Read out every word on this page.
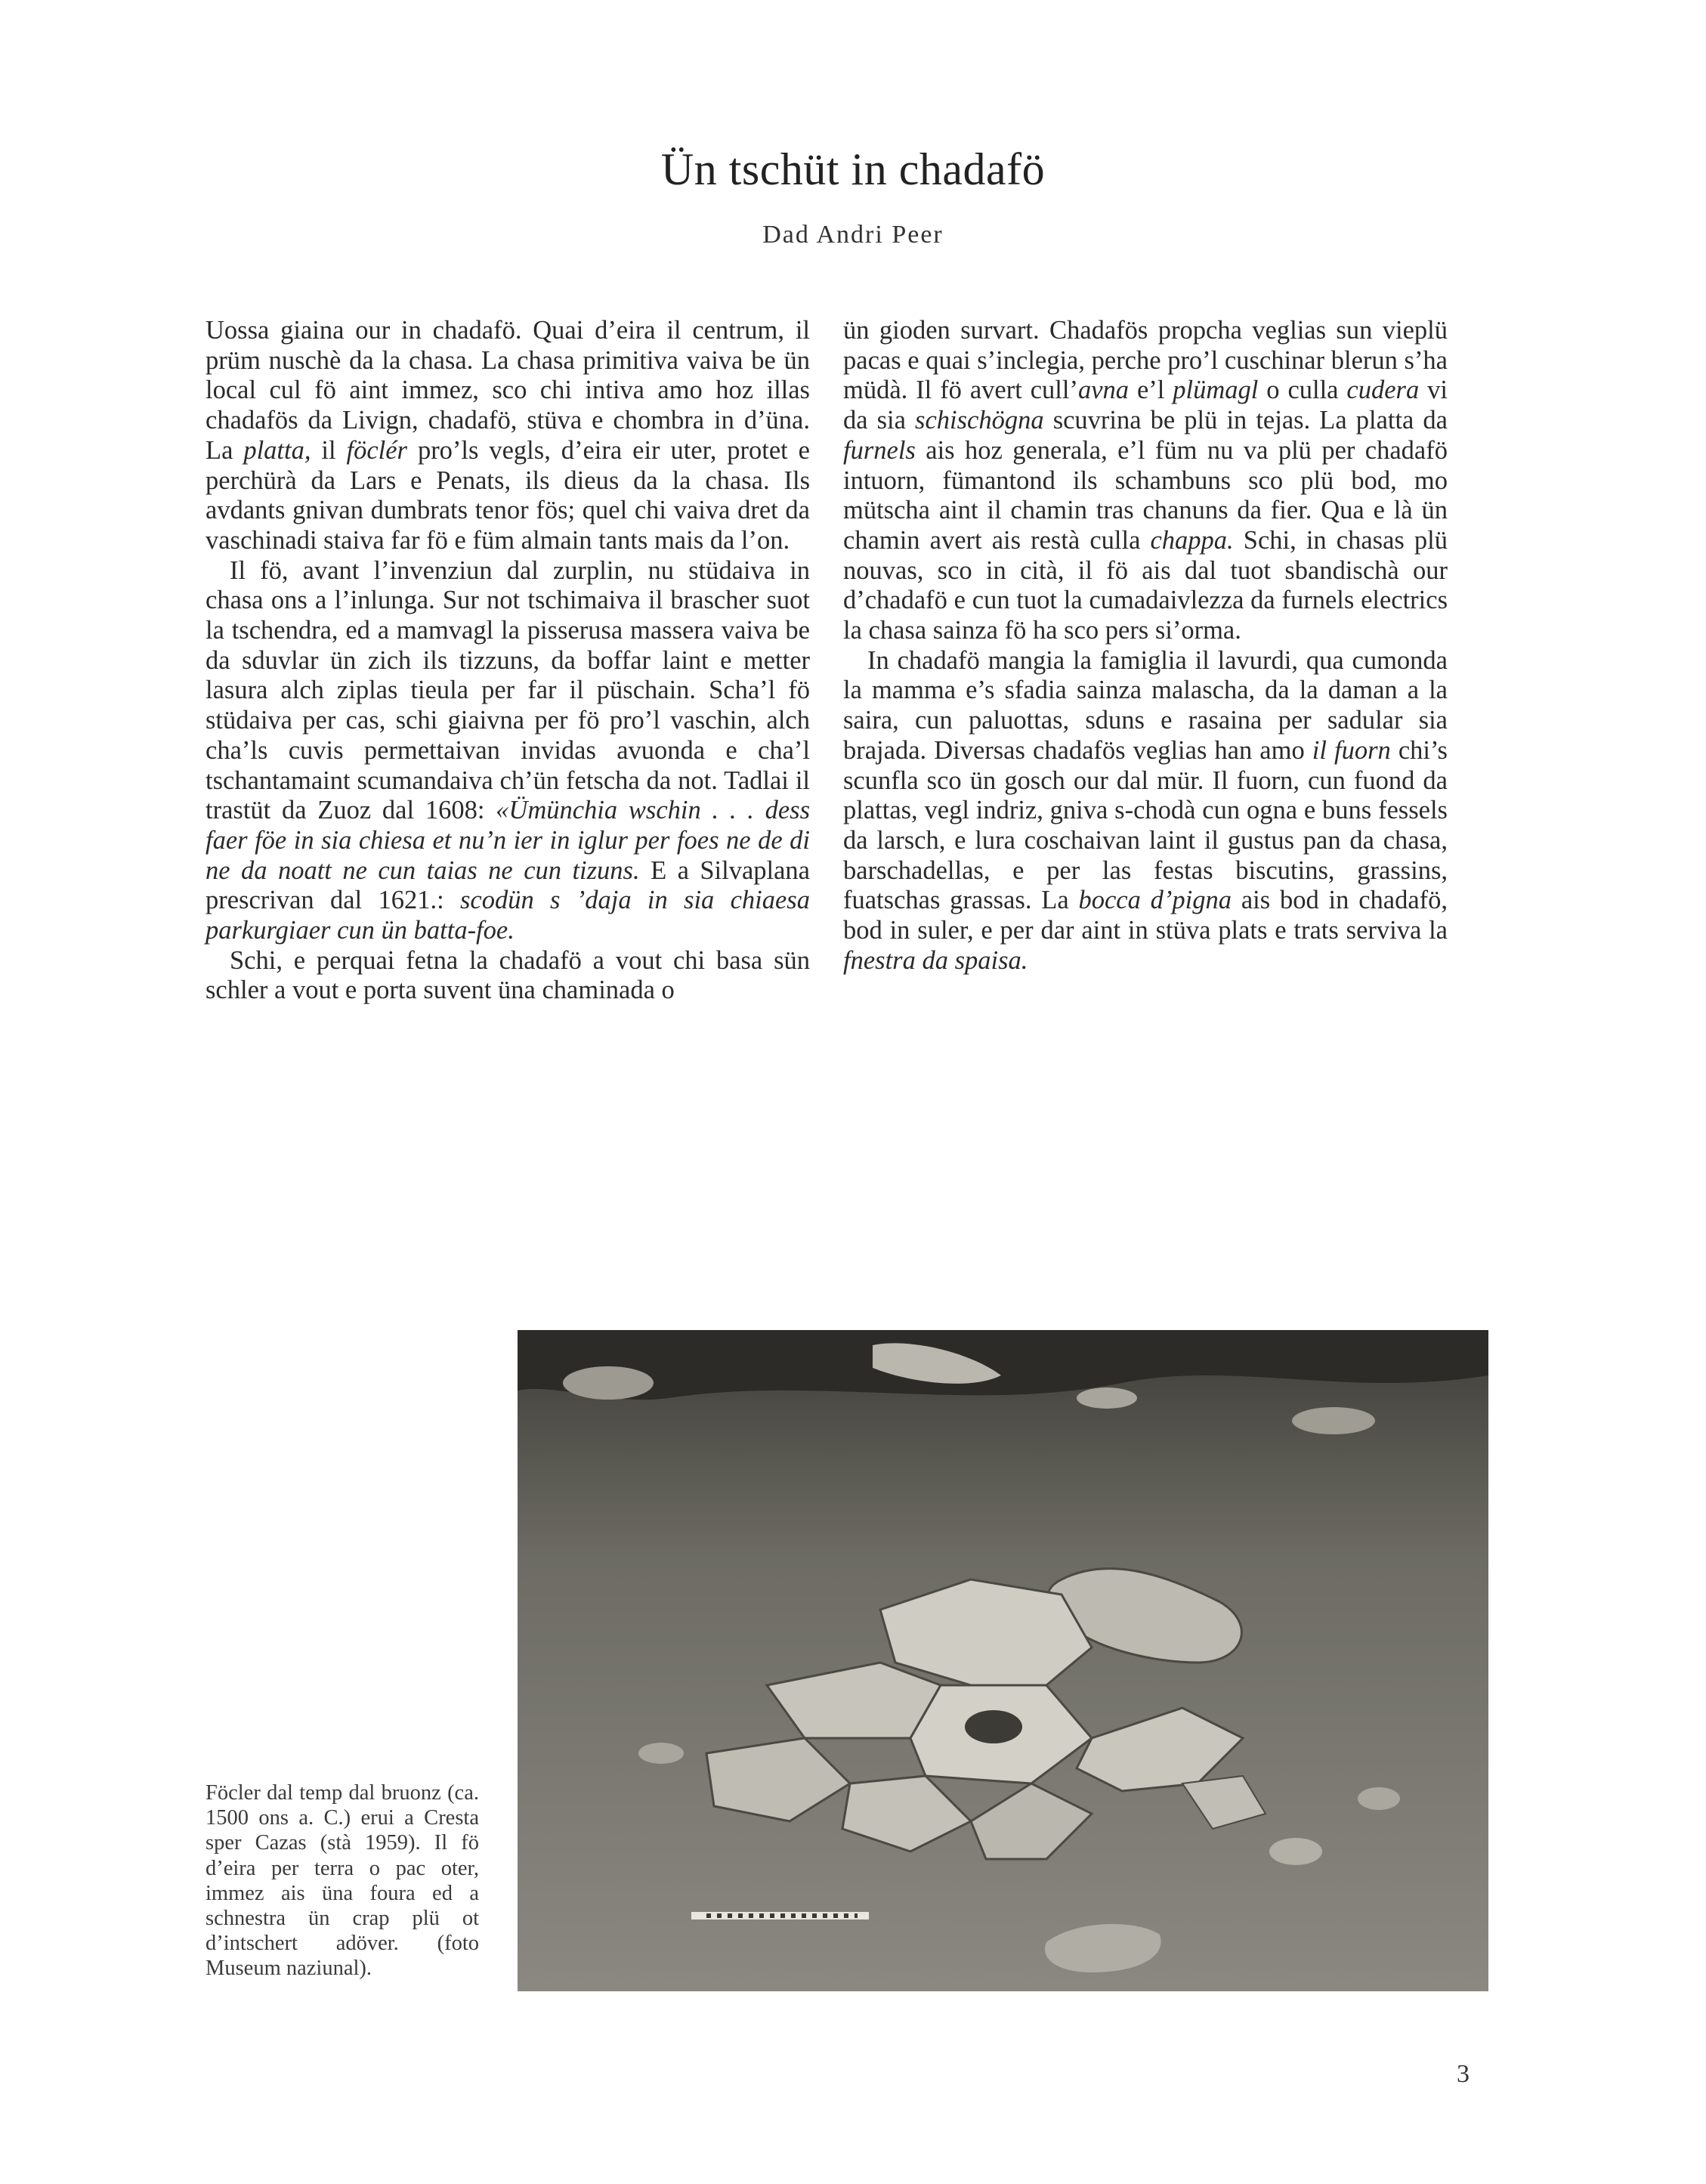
Ün tschüt in chadafö
Dad Andri Peer

Uossa giaina our in chadafö. Quai d’eira il centrum, il prüm nuschè da la chasa. La chasa primitiva vaiva be ün local cul fö aint immez, sco chi intiva amo hoz illas chadafös da Livign, chadafö, stüva e chombra in d’üna. La platta, il föclér pro’ls vegls, d’eira eir uter, protet e perchürà da Lars e Penats, ils dieus da la chasa. Ils avdants gnivan dumbrats tenor fös; quel chi vaiva dret da vaschinadi staiva far fö e füm almain tants mais da l’on.

Il fö, avant l’invenziun dal zurplin, nu stüdaiva in chasa ons a l’inlunga. Sur not tschimaiva il brascher suot la tschendra, ed a mamvagl la pisserusa massera vaiva be da sduvlar ün zich ils tizzuns, da boffar laint e metter lasura alch ziplas tieula per far il püschain. Scha’l fö stüdaiva per cas, schi giaivna per fö pro’l vaschin, alch cha’ls cuvis permettaivan invidas avuonda e cha’l tschantamaint scumandaiva ch’ün fetscha da not. Tadlai il trastüt da Zuoz dal 1608: «Ümünchia wschin . . . dess faer föe in sia chiesa et nu’n ier in iglur per foes ne de di ne da noatt ne cun taias ne cun tizuns. E a Silvaplana prescrivan dal 1621.: scodün s ’daja in sia chiaesa parkurgiaer cun ün batta-foe.

Schi, e perquai fetna la chadafö a vout chi basa sün schler a vout e porta suvent üna chaminada o

ün gioden survart. Chadafös propcha veglias sun vieplü pacas e quai s’inclegia, perche pro’l cuschinar blerun s’ha müdà. Il fö avert cull’avna e’l plümagl o culla cudera vi da sia schischögna scuvrina be plü in tejas. La platta da furnels ais hoz generala, e’l füm nu va plü per chadafö intuorn, fümantond ils schambuns sco plü bod, mo mütscha aint il chamin tras chanuns da fier. Qua e là ün chamin avert ais restà culla chappa. Schi, in chasas plü nouvas, sco in cità, il fö ais dal tuot sbandischà our d’chadafö e cun tuot la cumadaivlezza da furnels electrics la chasa sainza fö ha sco pers si’orma.

In chadafö mangia la famiglia il lavurdi, qua cumonda la mamma e’s sfadia sainza malascha, da la daman a la saira, cun paluottas, sduns e rasaina per sadular sia brajada. Diversas chadafös veglias han amo il fuorn chi’s scunfla sco ün gosch our dal mür. Il fuorn, cun fuond da plattas, vegl indriz, gniva s-chodà cun ogna e buns fessels da larsch, e lura coschaivan laint il gustus pan da chasa, barschadellas, e per las festas biscutins, grassins, fuatschas grassas. La bocca d’pigna ais bod in chadafö, bod in suler, e per dar aint in stüva plats e trats serviva la fnestra da spaisa.

Föcler dal temp dal bruonz (ca. 1500 ons a. C.) erui a Cresta sper Cazas (stà 1959). Il fö d’eira per terra o pac oter, immez ais üna foura ed a schnestra ün crap plü ot d’intschert adöver. (foto Museum naziunal).
3
